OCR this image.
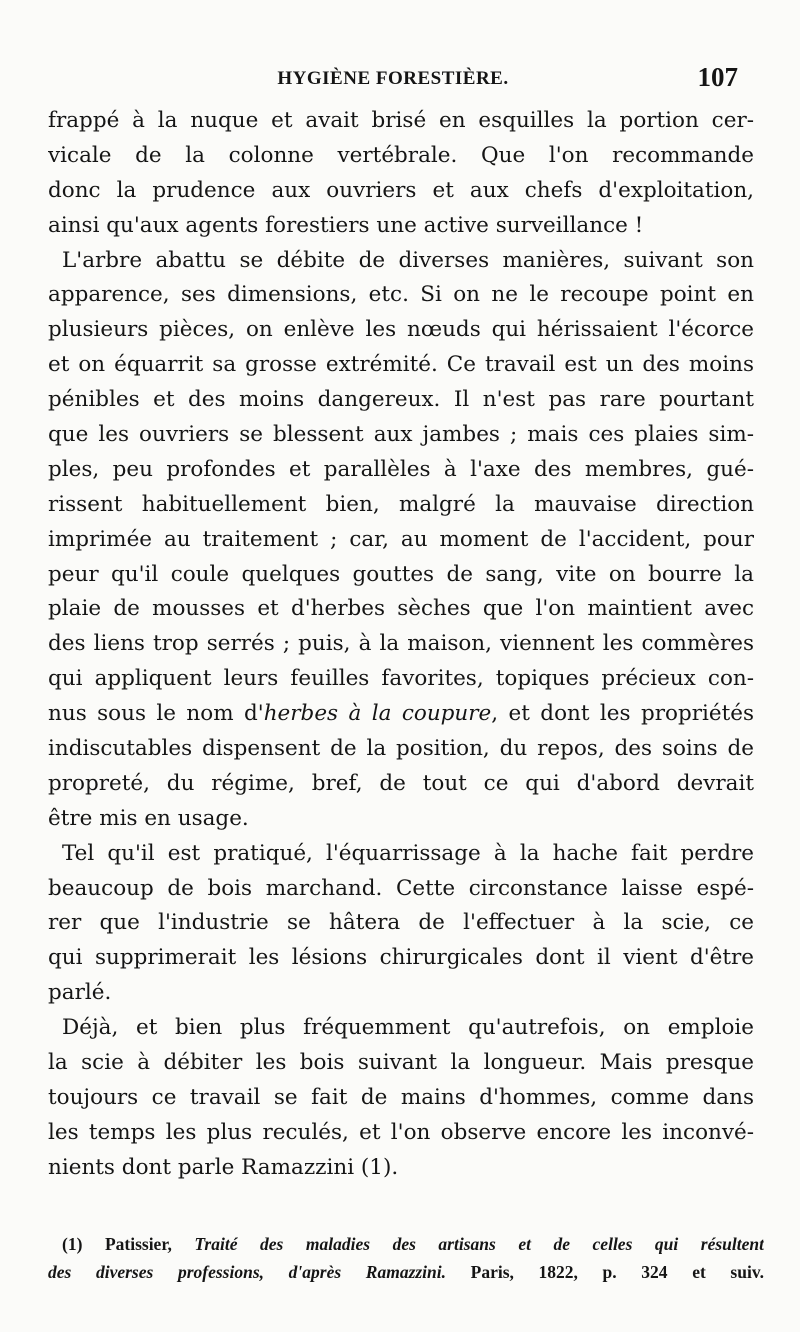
HYGIÈNE FORESTIÈRE.	107
frappé à la nuque et avait brisé en esquilles la portion cer-
vicale de la colonne vertébrale. Que l'on recommande
donc la prudence aux ouvriers et aux chefs d'exploitation,
ainsi qu'aux agents forestiers une active surveillance !
L'arbre abattu se débite de diverses manières, suivant son
apparence, ses dimensions, etc. Si on ne le recoupe point en
plusieurs pièces, on enlève les nœuds qui hérissaient l'écorce
et on équarrit sa grosse extrémité. Ce travail est un des moins
pénibles et des moins dangereux. Il n'est pas rare pourtant
que les ouvriers se blessent aux jambes ; mais ces plaies sim-
ples, peu profondes et parallèles à l'axe des membres, gué-
rissent habituellement bien, malgré la mauvaise direction
imprimée au traitement ; car, au moment de l'accident, pour
peur qu'il coule quelques gouttes de sang, vite on bourre la
plaie de mousses et d'herbes sèches que l'on maintient avec
des liens trop serrés ; puis, à la maison, viennent les commères
qui appliquent leurs feuilles favorites, topiques précieux con-
nus sous le nom d'herbes à la coupure, et dont les propriétés
indiscutables dispensent de la position, du repos, des soins de
propreté, du régime, bref, de tout ce qui d'abord devrait
être mis en usage.
Tel qu'il est pratiqué, l'équarrissage à la hache fait perdre
beaucoup de bois marchand. Cette circonstance laisse espé-
rer que l'industrie se hâtera de l'effectuer à la scie, ce
qui supprimerait les lésions chirurgicales dont il vient d'être
parlé.
Déjà, et bien plus fréquemment qu'autrefois, on emploie
la scie à débiter les bois suivant la longueur. Mais presque
toujours ce travail se fait de mains d'hommes, comme dans
les temps les plus reculés, et l'on observe encore les inconvé-
nients dont parle Ramazzini (1).
(1) Patissier, Traité des maladies des artisans et de celles qui résultent
des diverses professions, d'après Ramazzini. Paris, 1822, p. 324 et suiv.
